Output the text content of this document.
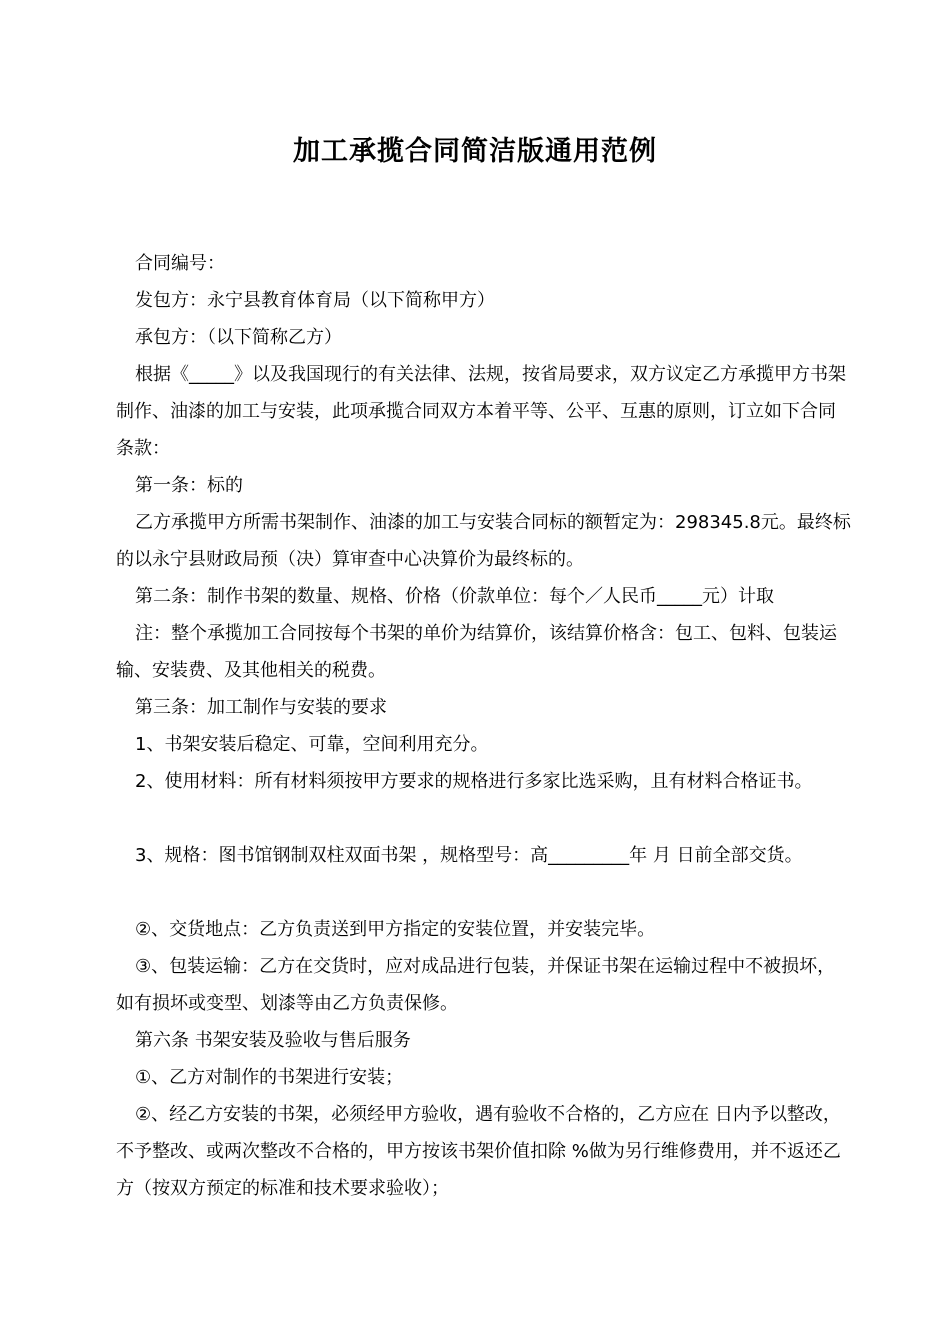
加工承揽合同简洁版通用范例

合同编号：

发包方：永宁县教育体育局（以下简称甲方）

承包方：（以下简称乙方）

根据《_____》以及我国现行的有关法律、法规，按省局要求，双方议定乙方承揽甲方书架制作、油漆的加工与安装，此项承揽合同双方本着平等、公平、互惠的原则，订立如下合同条款：

第一条：标的

乙方承揽甲方所需书架制作、油漆的加工与安装合同标的额暂定为：298345.8元。最终标的以永宁县财政局预（决）算审查中心决算价为最终标的。

第二条：制作书架的数量、规格、价格（价款单位：每个／人民币_____元）计取

注：整个承揽加工合同按每个书架的单价为结算价，该结算价格含：包工、包料、包装运输、安装费、及其他相关的税费。

第三条：加工制作与安装的要求

1、书架安装后稳定、可靠，空间利用充分。

2、使用材料：所有材料须按甲方要求的规格进行多家比选采购，且有材料合格证书。

3、规格：图书馆钢制双柱双面书架 ，规格型号：高_________年 月 日前全部交货。

②、交货地点：乙方负责送到甲方指定的安装位置，并安装完毕。

③、包装运输：乙方在交货时，应对成品进行包装，并保证书架在运输过程中不被损坏，如有损坏或变型、划漆等由乙方负责保修。

第六条 书架安装及验收与售后服务

①、乙方对制作的书架进行安装；

②、经乙方安装的书架，必须经甲方验收，遇有验收不合格的，乙方应在 日内予以整改，不予整改、或两次整改不合格的，甲方按该书架价值扣除 %做为另行维修费用，并不返还乙方（按双方预定的标准和技术要求验收）；
